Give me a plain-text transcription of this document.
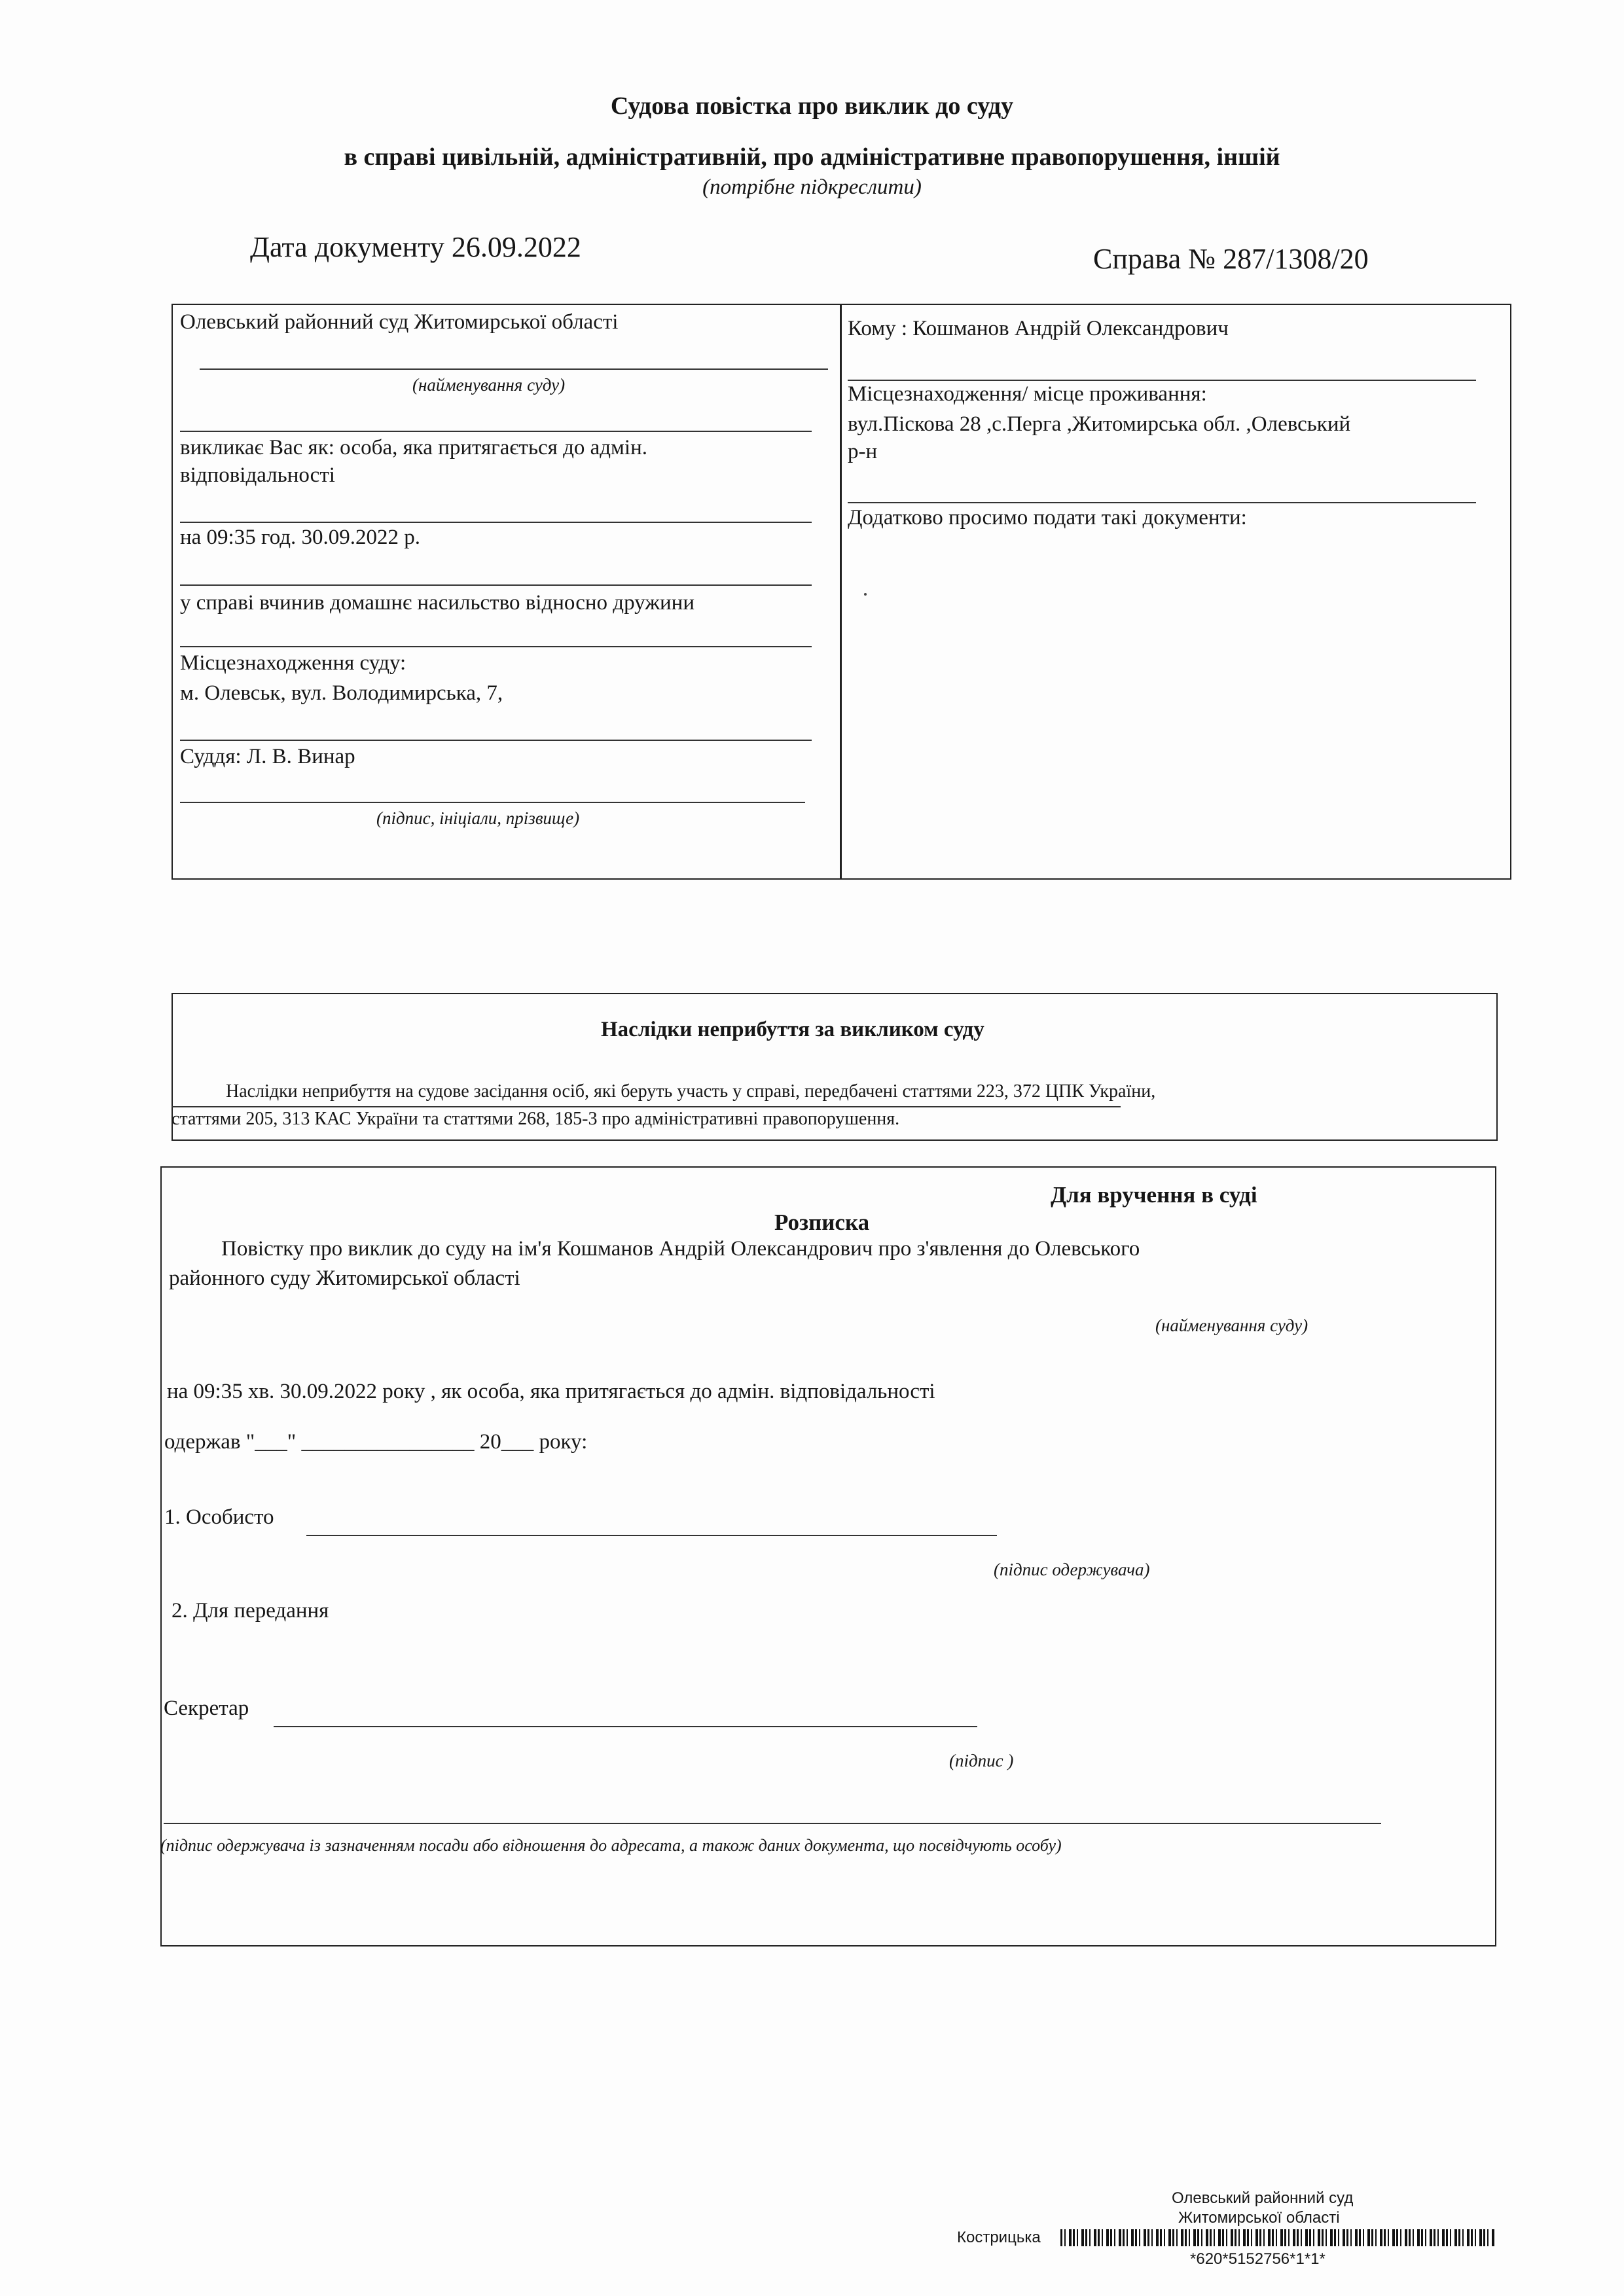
Судова повістка про виклик до суду
в справі цивільній, адміністративній, про адміністративне правопорушення, іншій
(потрібне підкреслити)
Дата документу 26.09.2022	Справа № 287/1308/20
Олевський районний суд Житомирської області
(найменування суду)
викликає Вас як: особа, яка притягається до адмін.
відповідальності
на 09:35 год. 30.09.2022 р.
у справі вчинив домашнє насильство відносно дружини
Місцезнаходження суду:
м. Олевськ, вул. Володимирська, 7,
Суддя: Л. В. Винар
(підпис, ініціали, прізвище)
Кому : Кошманов Андрій Олександрович
Місцезнаходження/ місце проживання:
вул.Піскова 28 ,с.Перга ,Житомирська обл. ,Олевський
р-н
Додатково просимо подати такі документи:
Наслідки неприбуття за викликом суду
Наслідки неприбуття на судове засідання осіб, які беруть участь у справі, передбачені статтями 223, 372 ЦПК України,
статтями 205, 313 КАС України та статтями 268, 185-3 про адміністративні правопорушення.
Для вручення в суді
Розписка
Повістку про виклик до суду на ім'я Кошманов Андрій Олександрович про з'явлення до Олевського
районного суду Житомирської області
(найменування суду)
на 09:35 хв. 30.09.2022 року , як особа, яка притягається до адмін. відповідальності
одержав "___" ________________ 20___ року:
1. Особисто
(підпис одержувача)
2. Для передання
Секретар
(підпис )
(підпис одержувача із зазначенням посади або відношення до адресата, а також даних документа, що посвідчують особу)
Олевський районний суд
Житомирської області
Кострицька
*620*5152756*1*1*
